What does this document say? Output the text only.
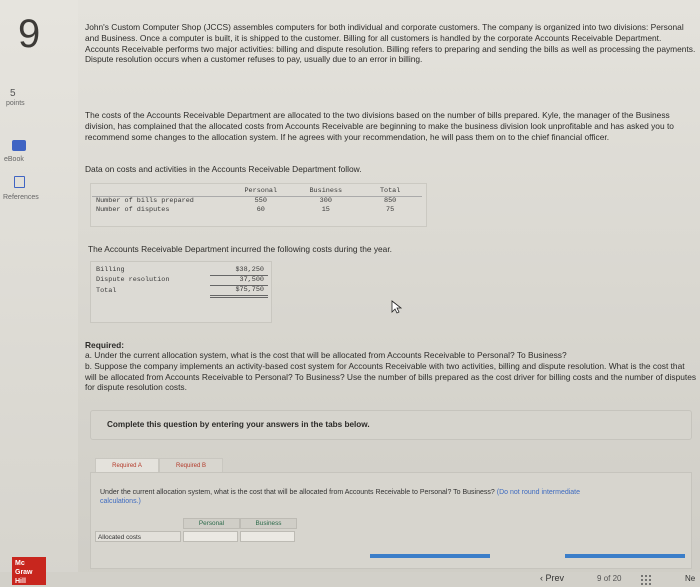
9
5
points
eBook
References

John's Custom Computer Shop (JCCS) assembles computers for both individual and corporate customers. The company is organized into two divisions: Personal and Business. Once a computer is built, it is shipped to the customer. Billing for all customers is handled by the corporate Accounts Receivable Department. Accounts Receivable performs two major activities: billing and dispute resolution. Billing refers to preparing and sending the bills as well as processing the payments. Dispute resolution occurs when a customer refuses to pay, usually due to an error in billing.

The costs of the Accounts Receivable Department are allocated to the two divisions based on the number of bills prepared. Kyle, the manager of the Business division, has complained that the allocated costs from Accounts Receivable are beginning to make the business division look unprofitable and has asked you to recommend some changes to the allocation system. If he agrees with your recommendation, he will pass them on to the chief financial officer.

Data on costs and activities in the Accounts Receivable Department follow.

	Personal	Business	Total
Number of bills prepared	550	300	850
Number of disputes	60	15	75

The Accounts Receivable Department incurred the following costs during the year.

Billing	$38,250
Dispute resolution	37,500
Total	$75,750
Required:

a. Under the current allocation system, what is the cost that will be allocated from Accounts Receivable to Personal? To Business?

b. Suppose the company implements an activity-based cost system for Accounts Receivable with two activities, billing and dispute resolution. What is the cost that will be allocated from Accounts Receivable to Personal? To Business? Use the number of bills prepared as the cost driver for billing costs and the number of disputes for dispute resolution costs.

Complete this question by entering your answers in the tabs below.
Required A	Required B
Under the current allocation system, what is the cost that will be allocated from Accounts Receivable to Personal? To Business? (Do not round intermediate calculations.)
Personal	Business
Allocated costs
Mc Graw Hill	‹ Prev	9 of 20	Ne
